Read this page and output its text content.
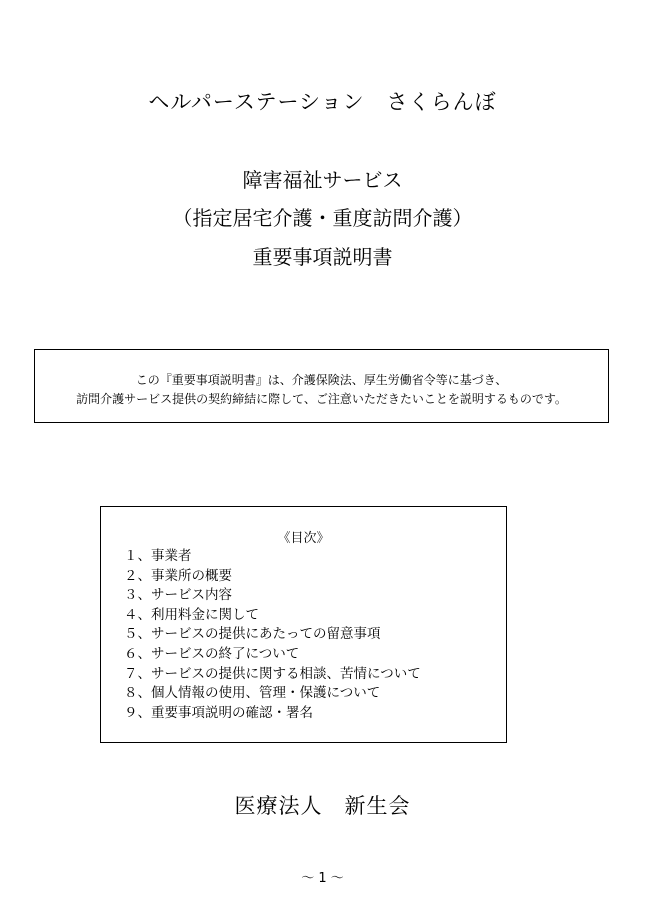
ヘルパーステーション　さくらんぼ
障害福祉サービス
（指定居宅介護・重度訪問介護）
重要事項説明書
この『重要事項説明書』は、介護保険法、厚生労働省令等に基づき、
訪問介護サービス提供の契約締結に際して、ご注意いただきたいことを説明するものです。
《目次》
１、事業者
２、事業所の概要
３、サービス内容
４、利用料金に関して
５、サービスの提供にあたっての留意事項
６、サービスの終了について
７、サービスの提供に関する相談、苦情について
８、個人情報の使用、管理・保護について
９、重要事項説明の確認・署名
医療法人　新生会
～ 1 ～
